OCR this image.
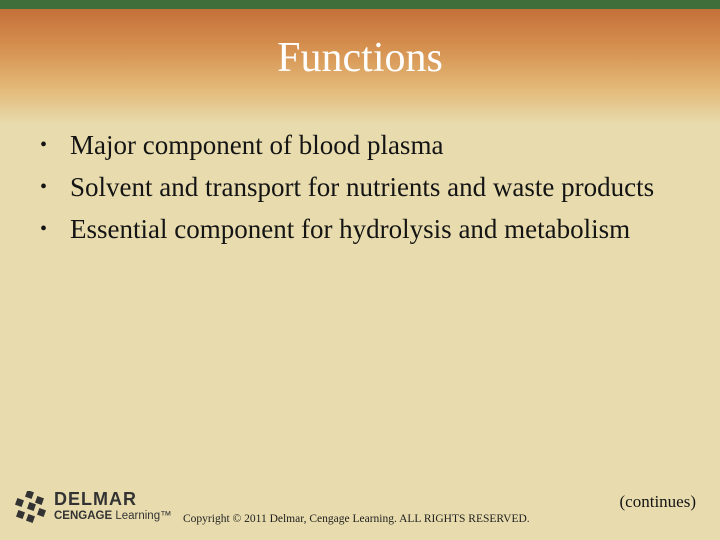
Functions
• Major component of blood plasma
• Solvent and transport for nutrients and waste products
• Essential component for hydrolysis and metabolism
DELMAR
CENGAGE Learning™ Copyright © 2011 Delmar, Cengage Learning. ALL RIGHTS RESERVED.
(continues)
